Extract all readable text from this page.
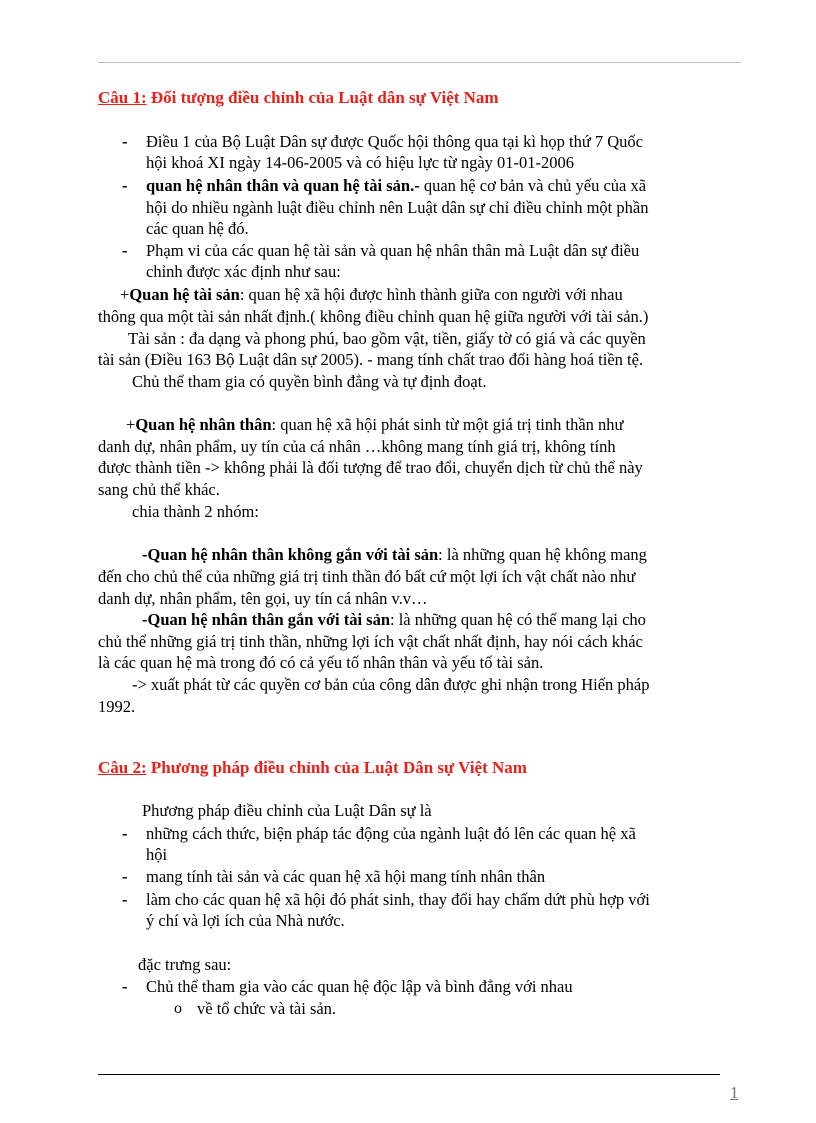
Câu 1: Đối tượng điều chỉnh của Luật dân sự Việt Nam
- Điều 1 của Bộ Luật Dân sự được Quốc hội thông qua tại kì họp thứ 7 Quốc
hội khoá XI ngày 14-06-2005 và có hiệu lực từ ngày 01-01-2006
- quan hệ nhân thân và quan hệ tài sản.- quan hệ cơ bản và chủ yếu của xã
hội do nhiều ngành luật điều chỉnh nên Luật dân sự chỉ điều chỉnh một phần
các quan hệ đó.
- Phạm vi của các quan hệ tài sản và quan hệ nhân thân mà Luật dân sự điều
chỉnh được xác định như sau:
+Quan hệ tài sản: quan hệ xã hội được hình thành giữa con người với nhau
thông qua một tài sản nhất định.( không điều chỉnh quan hệ giữa người với tài sản.)
Tài sản : đa dạng và phong phú, bao gồm vật, tiền, giấy tờ có giá và các quyền
tài sản (Điều 163 Bộ Luật dân sự 2005). - mang tính chất trao đổi hàng hoá tiền tệ.
Chủ thể tham gia có quyền bình đẳng và tự định đoạt.
+Quan hệ nhân thân: quan hệ xã hội phát sinh từ một giá trị tinh thần như
danh dự, nhân phẩm, uy tín của cá nhân …không mang tính giá trị, không tính
được thành tiền -> không phải là đối tượng để trao đổi, chuyển dịch từ chủ thể này
sang chủ thể khác.
chia thành 2 nhóm:
-Quan hệ nhân thân không gắn với tài sản: là những quan hệ không mang
đến cho chủ thể của những giá trị tinh thần đó bất cứ một lợi ích vật chất nào như
danh dự, nhân phẩm, tên gọi, uy tín cá nhân v.v…
-Quan hệ nhân thân gắn với tài sản: là những quan hệ có thể mang lại cho
chủ thể những giá trị tinh thần, những lợi ích vật chất nhất định, hay nói cách khác
là các quan hệ mà trong đó có cả yếu tố nhân thân và yếu tố tài sản.
-> xuất phát từ các quyền cơ bản của công dân được ghi nhận trong Hiến pháp
1992.
Câu 2: Phương pháp điều chỉnh của Luật Dân sự Việt Nam
Phương pháp điều chỉnh của Luật Dân sự là
- những cách thức, biện pháp tác động của ngành luật đó lên các quan hệ xã
hội
- mang tính tài sản và các quan hệ xã hội mang tính nhân thân
- làm cho các quan hệ xã hội đó phát sinh, thay đổi hay chấm dứt phù hợp với
ý chí và lợi ích của Nhà nước.
đặc trưng sau:
- Chủ thể tham gia vào các quan hệ độc lập và bình đẳng với nhau
o về tổ chức và tài sản.
1
